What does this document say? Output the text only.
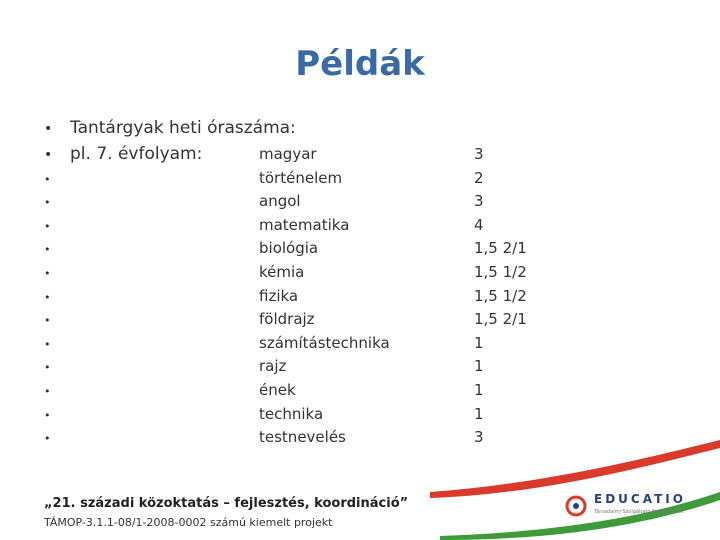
Példák
• Tantárgyak heti óraszáma:
• pl. 7. évfolyam:	magyar	3
•	történelem	2
•	angol	3
•	matematika	4
•	biológia	1,5 2/1
•	kémia	1,5 1/2
•	fizika	1,5 1/2
•	földrajz	1,5 2/1
•	számítástechnika	1
•	rajz	1
•	ének	1
•	technika	1
•	testnevelés	3
EDUCATIO
Társadalmi Szolgáltató Nonprofit Kft.
„21. századi közoktatás – fejlesztés, koordináció”
TÁMOP-3.1.1-08/1-2008-0002 számú kiemelt projekt
